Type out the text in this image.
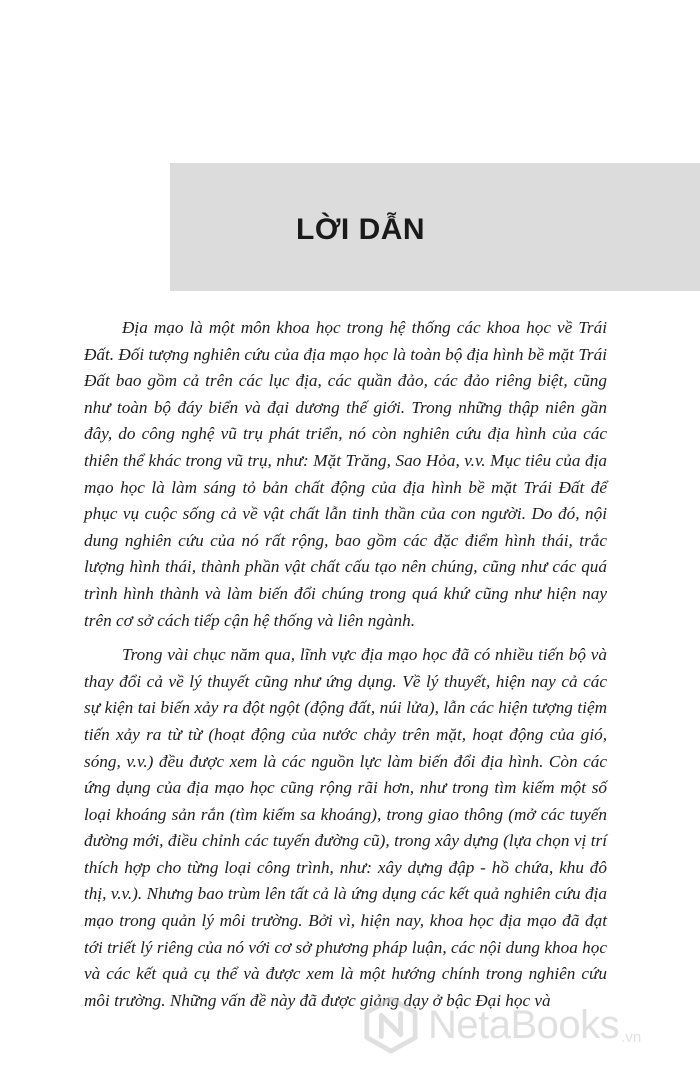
LỜI DẪN

Địa mạo là một môn khoa học trong hệ thống các khoa học về Trái Đất. Đối tượng nghiên cứu của địa mạo học là toàn bộ địa hình bề mặt Trái Đất bao gồm cả trên các lục địa, các quần đảo, các đảo riêng biệt, cũng như toàn bộ đáy biển và đại dương thế giới. Trong những thập niên gần đây, do công nghệ vũ trụ phát triển, nó còn nghiên cứu địa hình của các thiên thể khác trong vũ trụ, như: Mặt Trăng, Sao Hỏa, v.v. Mục tiêu của địa mạo học là làm sáng tỏ bản chất động của địa hình bề mặt Trái Đất để phục vụ cuộc sống cả về vật chất lẫn tinh thần của con người. Do đó, nội dung nghiên cứu của nó rất rộng, bao gồm các đặc điểm hình thái, trắc lượng hình thái, thành phần vật chất cấu tạo nên chúng, cũng như các quá trình hình thành và làm biến đổi chúng trong quá khứ cũng như hiện nay trên cơ sở cách tiếp cận hệ thống và liên ngành.

Trong vài chục năm qua, lĩnh vực địa mạo học đã có nhiều tiến bộ và thay đổi cả về lý thuyết cũng như ứng dụng. Về lý thuyết, hiện nay cả các sự kiện tai biến xảy ra đột ngột (động đất, núi lửa), lẫn các hiện tượng tiệm tiến xảy ra từ từ (hoạt động của nước chảy trên mặt, hoạt động của gió, sóng, v.v.) đều được xem là các nguồn lực làm biến đổi địa hình. Còn các ứng dụng của địa mạo học cũng rộng rãi hơn, như trong tìm kiếm một số loại khoáng sản rắn (tìm kiếm sa khoáng), trong giao thông (mở các tuyến đường mới, điều chỉnh các tuyến đường cũ), trong xây dựng (lựa chọn vị trí thích hợp cho từng loại công trình, như: xây dựng đập - hồ chứa, khu đô thị, v.v.). Nhưng bao trùm lên tất cả là ứng dụng các kết quả nghiên cứu địa mạo trong quản lý môi trường. Bởi vì, hiện nay, khoa học địa mạo đã đạt tới triết lý riêng của nó với cơ sở phương pháp luận, các nội dung khoa học và các kết quả cụ thể và được xem là một hướng chính trong nghiên cứu môi trường. Những vấn đề này đã được giảng dạy ở bậc Đại học và

NetaBooks .vn
